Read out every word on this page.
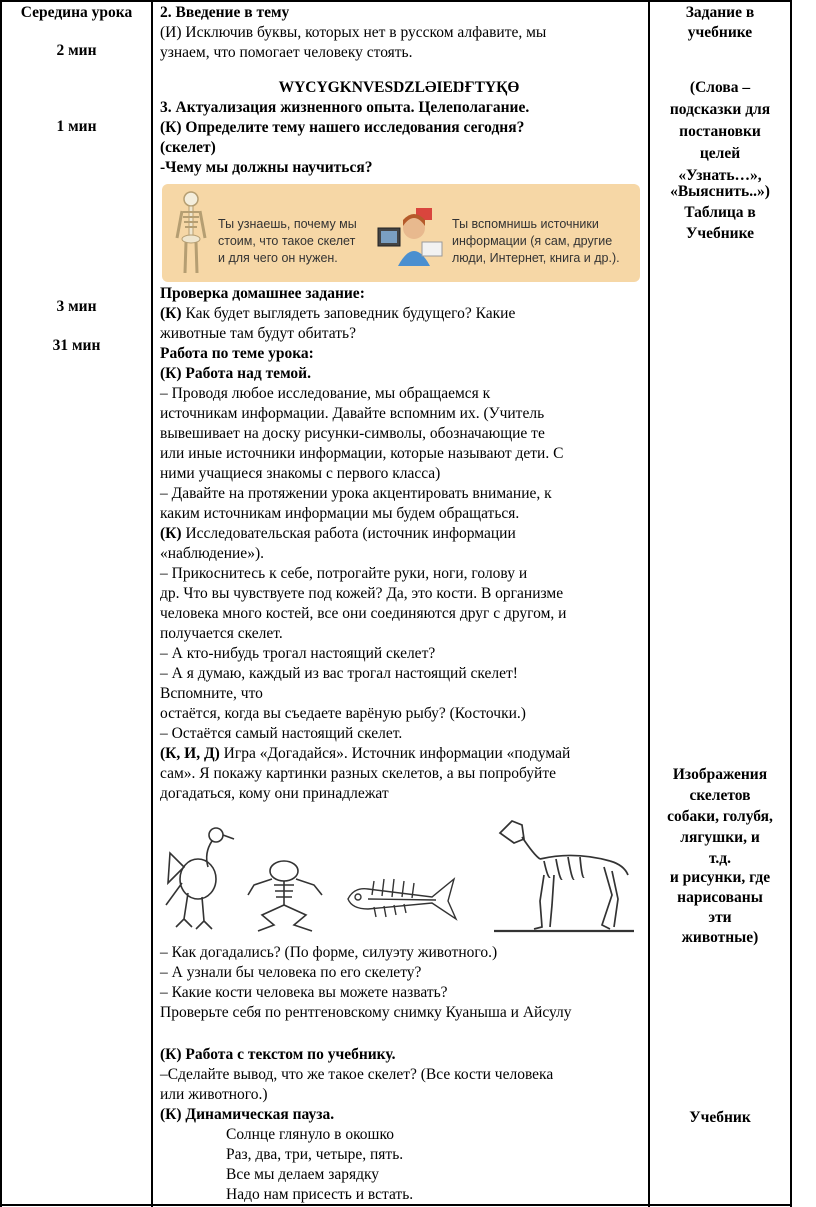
Середина урока
2 мин
1 мин
3 мин
31 мин
2. Введение в тему
(И) Исключив буквы, которых нет в русском алфавите, мы
узнаем, что помогает человеку стоять.
WYCYGKNVESDZLӘIEŊҒTҮҚӨ
3. Актуализация жизненного опыта. Целеполагание.
(К) Определите тему нашего исследования сегодня?
(скелет)
-Чему мы должны научиться?
Ты узнаешь, почему мы
стоим, что такое скелет
и для чего он нужен.
Ты вспомнишь источники
информации (я сам, другие
люди, Интернет, книга и др.).
Проверка домашнее задание:
(К) Как будет выглядеть заповедник будущего? Какие
животные там будут обитать?
Работа по теме урока:
(К) Работа над темой.
– Проводя любое исследование, мы обращаемся к
источникам информации. Давайте вспомним их. (Учитель
вывешивает на доску рисунки-символы, обозначающие те
или иные источники информации, которые называют дети. С
ними учащиеся знакомы с первого класса)
– Давайте на протяжении урока акцентировать внимание, к
каким источникам информации мы будем обращаться.
(К) Исследовательская работа (источник информации
«наблюдение»).
– Прикоснитесь к себе, потрогайте руки, ноги, голову и
др. Что вы чувствуете под кожей? Да, это кости. В организме
человека много костей, все они соединяются друг с другом, и
получается скелет.
– А кто-нибудь трогал настоящий скелет?
– А я думаю, каждый из вас трогал настоящий скелет!
Вспомните, что
остаётся, когда вы съедаете варёную рыбу? (Косточки.)
– Остаётся самый настоящий скелет.
(К, И, Д) Игра «Догадайся». Источник информации «подумай
сам». Я покажу картинки разных скелетов, а вы попробуйте
догадаться, кому они принадлежат
– Как догадались? (По форме, силуэту животного.)
– А узнали бы человека по его скелету?
– Какие кости человека вы можете назвать?
Проверьте себя по рентгеновскому снимку Куанышa и Айсулу
(К) Работа с текстом по учебнику.
–Сделайте вывод, что же такое скелет? (Все кости человека
или животного.)
(К) Динамическая пауза.
Солнце глянуло в окошко
Раз, два, три, четыре, пять.
Все мы делаем зарядку
Надо нам присесть и встать.
Задание в
учебнике
(Слова –
подсказки для
постановки
целей
«Узнать…»,
«Выяснить..»)
Таблица в
Учебнике
Изображения
скелетов
собаки, голубя,
лягушки, и
т.д.
и рисунки, где
нарисованы
эти
животные)
Учебник
